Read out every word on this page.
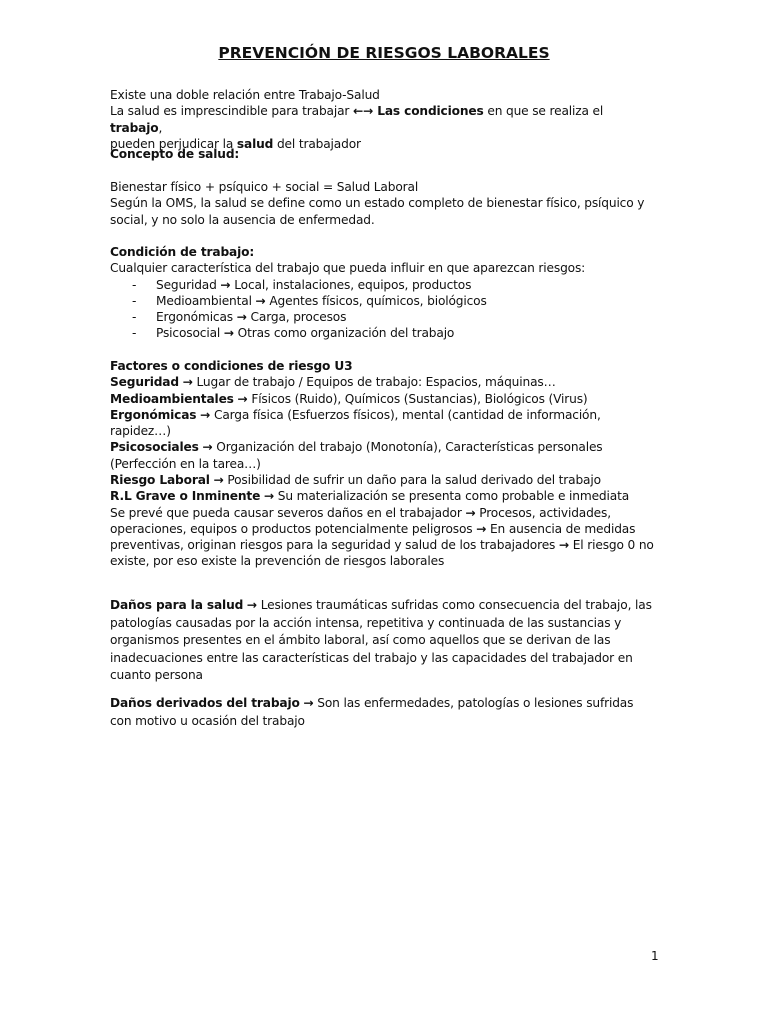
PREVENCIÓN DE RIESGOS LABORALES

Existe una doble relación entre Trabajo-Salud

La salud es imprescindible para trabajar ←→ Las condiciones en que se realiza el trabajo,

pueden perjudicar la salud del trabajador

Concepto de salud:

Bienestar físico + psíquico + social = Salud Laboral

Según la OMS, la salud se define como un estado completo de bienestar físico, psíquico y social, y no solo la ausencia de enfermedad.

Condición de trabajo:

Cualquier característica del trabajo que pueda influir en que aparezcan riesgos:

- Seguridad → Local, instalaciones, equipos, productos
- Medioambiental → Agentes físicos, químicos, biológicos
- Ergonómicas → Carga, procesos
- Psicosocial → Otras como organización del trabajo

Factores o condiciones de riesgo U3

Seguridad → Lugar de trabajo / Equipos de trabajo: Espacios, máquinas…

Medioambientales → Físicos (Ruido), Químicos (Sustancias), Biológicos (Virus)

Ergonómicas → Carga física (Esfuerzos físicos), mental (cantidad de información, rapidez…)

Psicosociales → Organización del trabajo (Monotonía), Características personales (Perfección en la tarea…)

Riesgo Laboral → Posibilidad de sufrir un daño para la salud derivado del trabajo

R.L Grave o Inminente → Su materialización se presenta como probable e inmediata

Se prevé que pueda causar severos daños en el trabajador → Procesos, actividades, operaciones, equipos o productos potencialmente peligrosos → En ausencia de medidas preventivas, originan riesgos para la seguridad y salud de los trabajadores → El riesgo 0 no existe, por eso existe la prevención de riesgos laborales

Daños para la salud → Lesiones traumáticas sufridas como consecuencia del trabajo, las patologías causadas por la acción intensa, repetitiva y continuada de las sustancias y organismos presentes en el ámbito laboral, así como aquellos que se derivan de las inadecuaciones entre las características del trabajo y las capacidades del trabajador en cuanto persona

Daños derivados del trabajo → Son las enfermedades, patologías o lesiones sufridas con motivo u ocasión del trabajo

1
